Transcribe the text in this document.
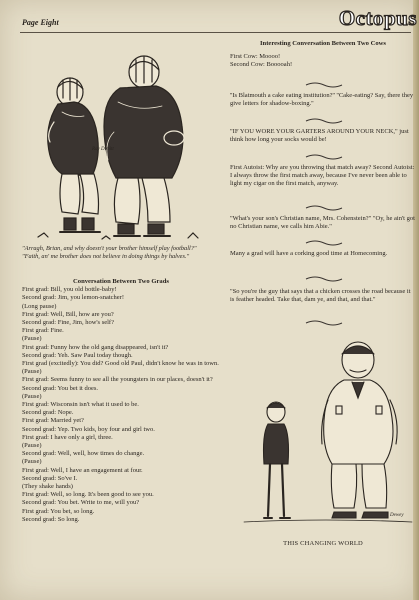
Page Eight	Octopus
Ray Dimitt
"Arragh, Brian, and why doesn't your brother himself play football?"
"Faith, an' me brother does not believe in doing things by halves."

Conversation Between Two Grads

First grad: Bill, you old bottle-baby!
Second grad: Jim, you lemon-snatcher!
(Long pause)
First grad: Well, Bill, how are you?
Second grad: Fine, Jim, how's self?
First grad: Fine.
(Pause)
First grad: Funny how the old gang disappeared, isn't it?
Second grad: Yeh. Saw Paul today though.
First grad (excitedly): You did? Good old Paul, didn't know he was in town.
(Pause)
First grad: Seems funny to see all the youngsters in our places, doesn't it?
Second grad: You bet it does.
(Pause)
First grad: Wisconsin isn't what it used to be.
Second grad: Nope.
First grad: Married yet?
Second grad: Yep. Two kids, boy four and girl two.
First grad: I have only a girl, three.
(Pause)
Second grad: Well, well, how times do change.
(Pause)
First grad: Well, I have an engagement at four.
Second grad: So've I.
(They shake hands)
First grad: Well, so long. It's been good to see you.
Second grad: You bet. Write to me, will you?
First grad: You bet, so long.
Second grad: So long.

Interesting Conversation Between Two Cows

First Cow: Moooo!
Second Cow: Booooah!
''Is Blatmouth a cake eating institution?'' ''Cake-eating? Say, there they give letters for shadow-boxing.''
"IF YOU WORE YOUR GARTERS AROUND YOUR NECK," just think how long your socks would be!
First Autoist: Why are you throwing that match away? Second Autoist: I always throw the first match away, because I've never been able to light my cigar on the first match, anyway.
"What's your son's Christian name, Mrs. Cohenstein?" "Oy, he ain't got no Christian name, we calls him Abie."
Many a grad will have a corking good time at Homecoming.
"So you're the guy that says that a chicken crosses the road because it is feather headed. Take that, dam ye, and that, and that."
Dewey
THIS CHANGING WORLD
